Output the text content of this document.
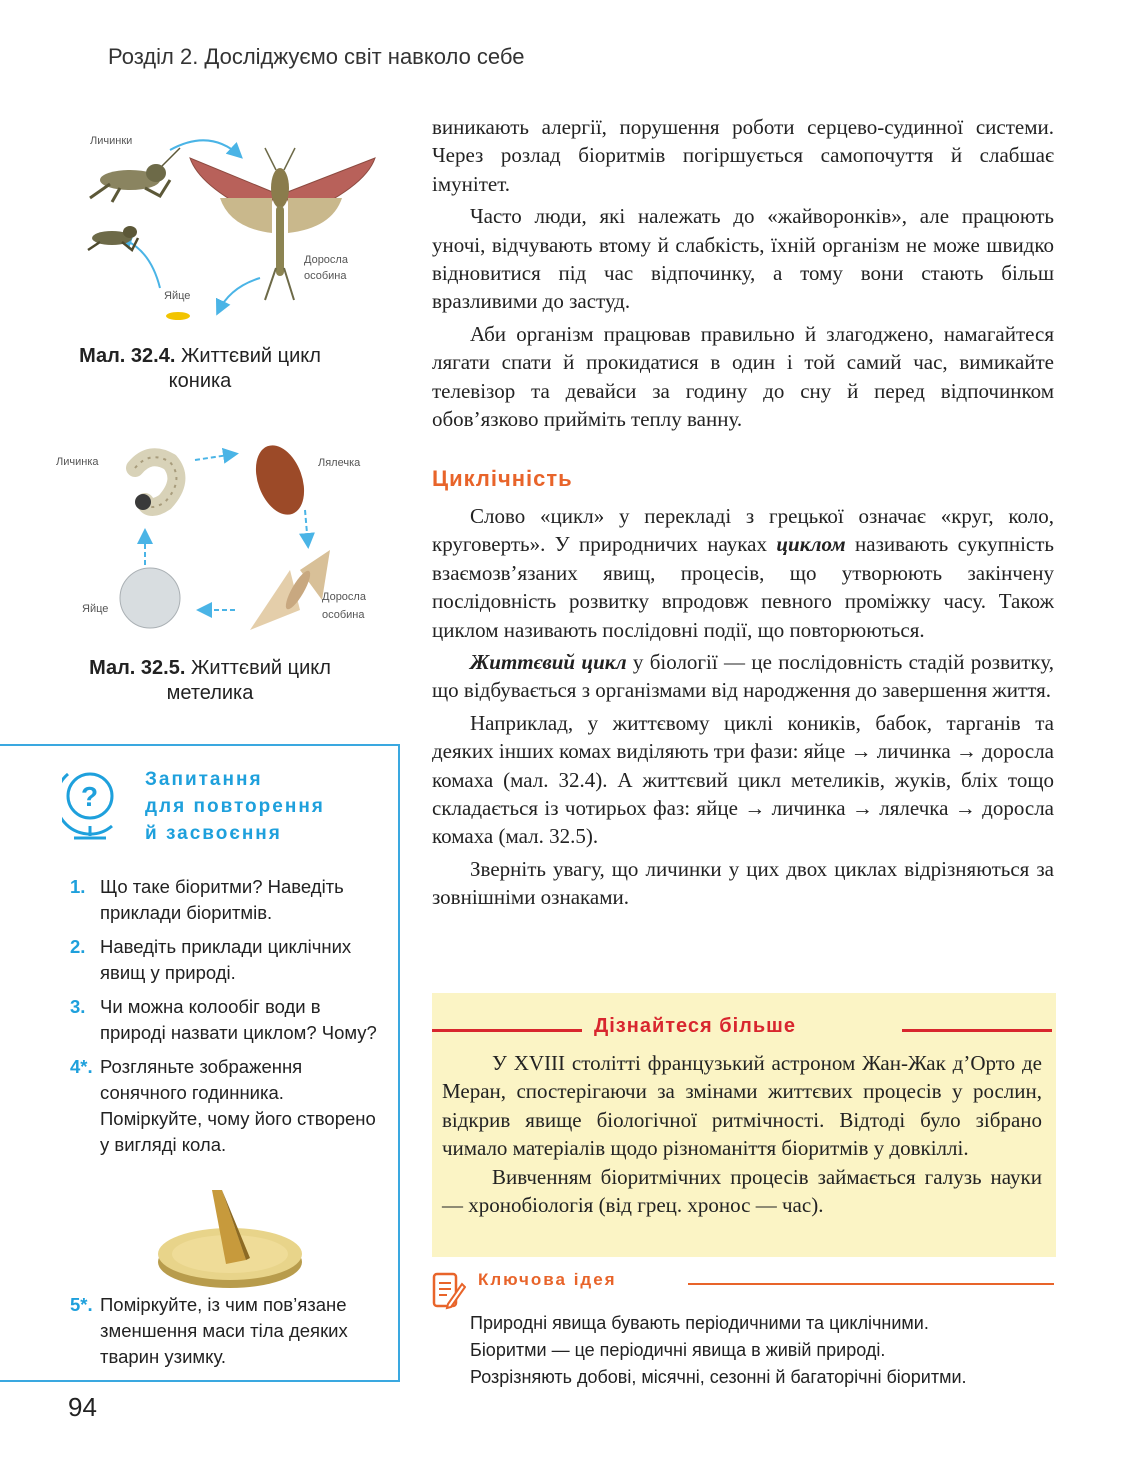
Розділ 2. Досліджуємо світ навколо себе
Личинки
Доросла
особина
Яйце
Мал. 32.4. Життєвий цикл
коника
Личинка	Лялечка
Доросла
особина
Яйце
Мал. 32.5. Життєвий цикл
метелика

виникають алергії, порушення роботи серцево-судинної системи. Через розлад біоритмів погіршується самопочуття й слабшає імунітет.

Часто люди, які належать до «жайворонків», але працюють уночі, відчувають втому й слабкість, їхній організм не може швидко відновитися під час відпочинку, а тому вони стають більш вразливими до застуд.

Аби організм працював правильно й злагоджено, намагайтеся лягати спати й прокидатися в один і той самий час, вимикайте телевізор та девайси за годину до сну й перед відпочинком обов’язково прийміть теплу ванну.

Циклічність

Слово «цикл» у перекладі з грецької означає «круг, коло, круговерть». У природничих науках циклом називають сукупність взаємозв’язаних явищ, процесів, що утворюють закінчену послідовність розвитку впродовж певного проміжку часу. Також циклом називають послідовні події, що повторюються.

Життєвий цикл у біології — це послідовність стадій розвитку, що відбувається з організмами від народження до завершення життя.

Наприклад, у життєвому циклі коників, бабок, тарганів та деяких інших комах виділяють три фази: яйце → личинка → доросла комаха (мал. 32.4). А життєвий цикл метеликів, жуків, бліх тощо складається із чотирьох фаз: яйце → личинка → лялечка → доросла комаха (мал. 32.5).

Зверніть увагу, що личинки у цих двох циклах відрізняються за зовнішніми ознаками.

?
Запитання
для повторення
й засвоєння
1. Що таке біоритми? Наведіть приклади біоритмів.
2. Наведіть приклади циклічних явищ у природі.
3. Чи можна колообіг води в природі назвати циклом? Чому?
4*. Розгляньте зображення сонячного годинника. Поміркуйте, чому його створено у вигляді кола.
5*. Поміркуйте, із чим пов’язане зменшення маси тіла деяких тварин узимку.
Дізнайтеся більше

У XVIII столітті французький астроном Жан-Жак д’Орто де Меран, спостерігаючи за змінами життєвих процесів у рослин, відкрив явище біологічної ритмічності. Відтоді було зібрано чимало матеріалів щодо різноманіття біоритмів у довкіллі.

Вивченням біоритмічних процесів займається галузь науки — хронобіологія (від грец. хронос — час).

Ключова ідея
Природні явища бувають періодичними та циклічними.
Біоритми — це періодичні явища в живій природі.
Розрізняють добові, місячні, сезонні й багаторічні біоритми.
94
